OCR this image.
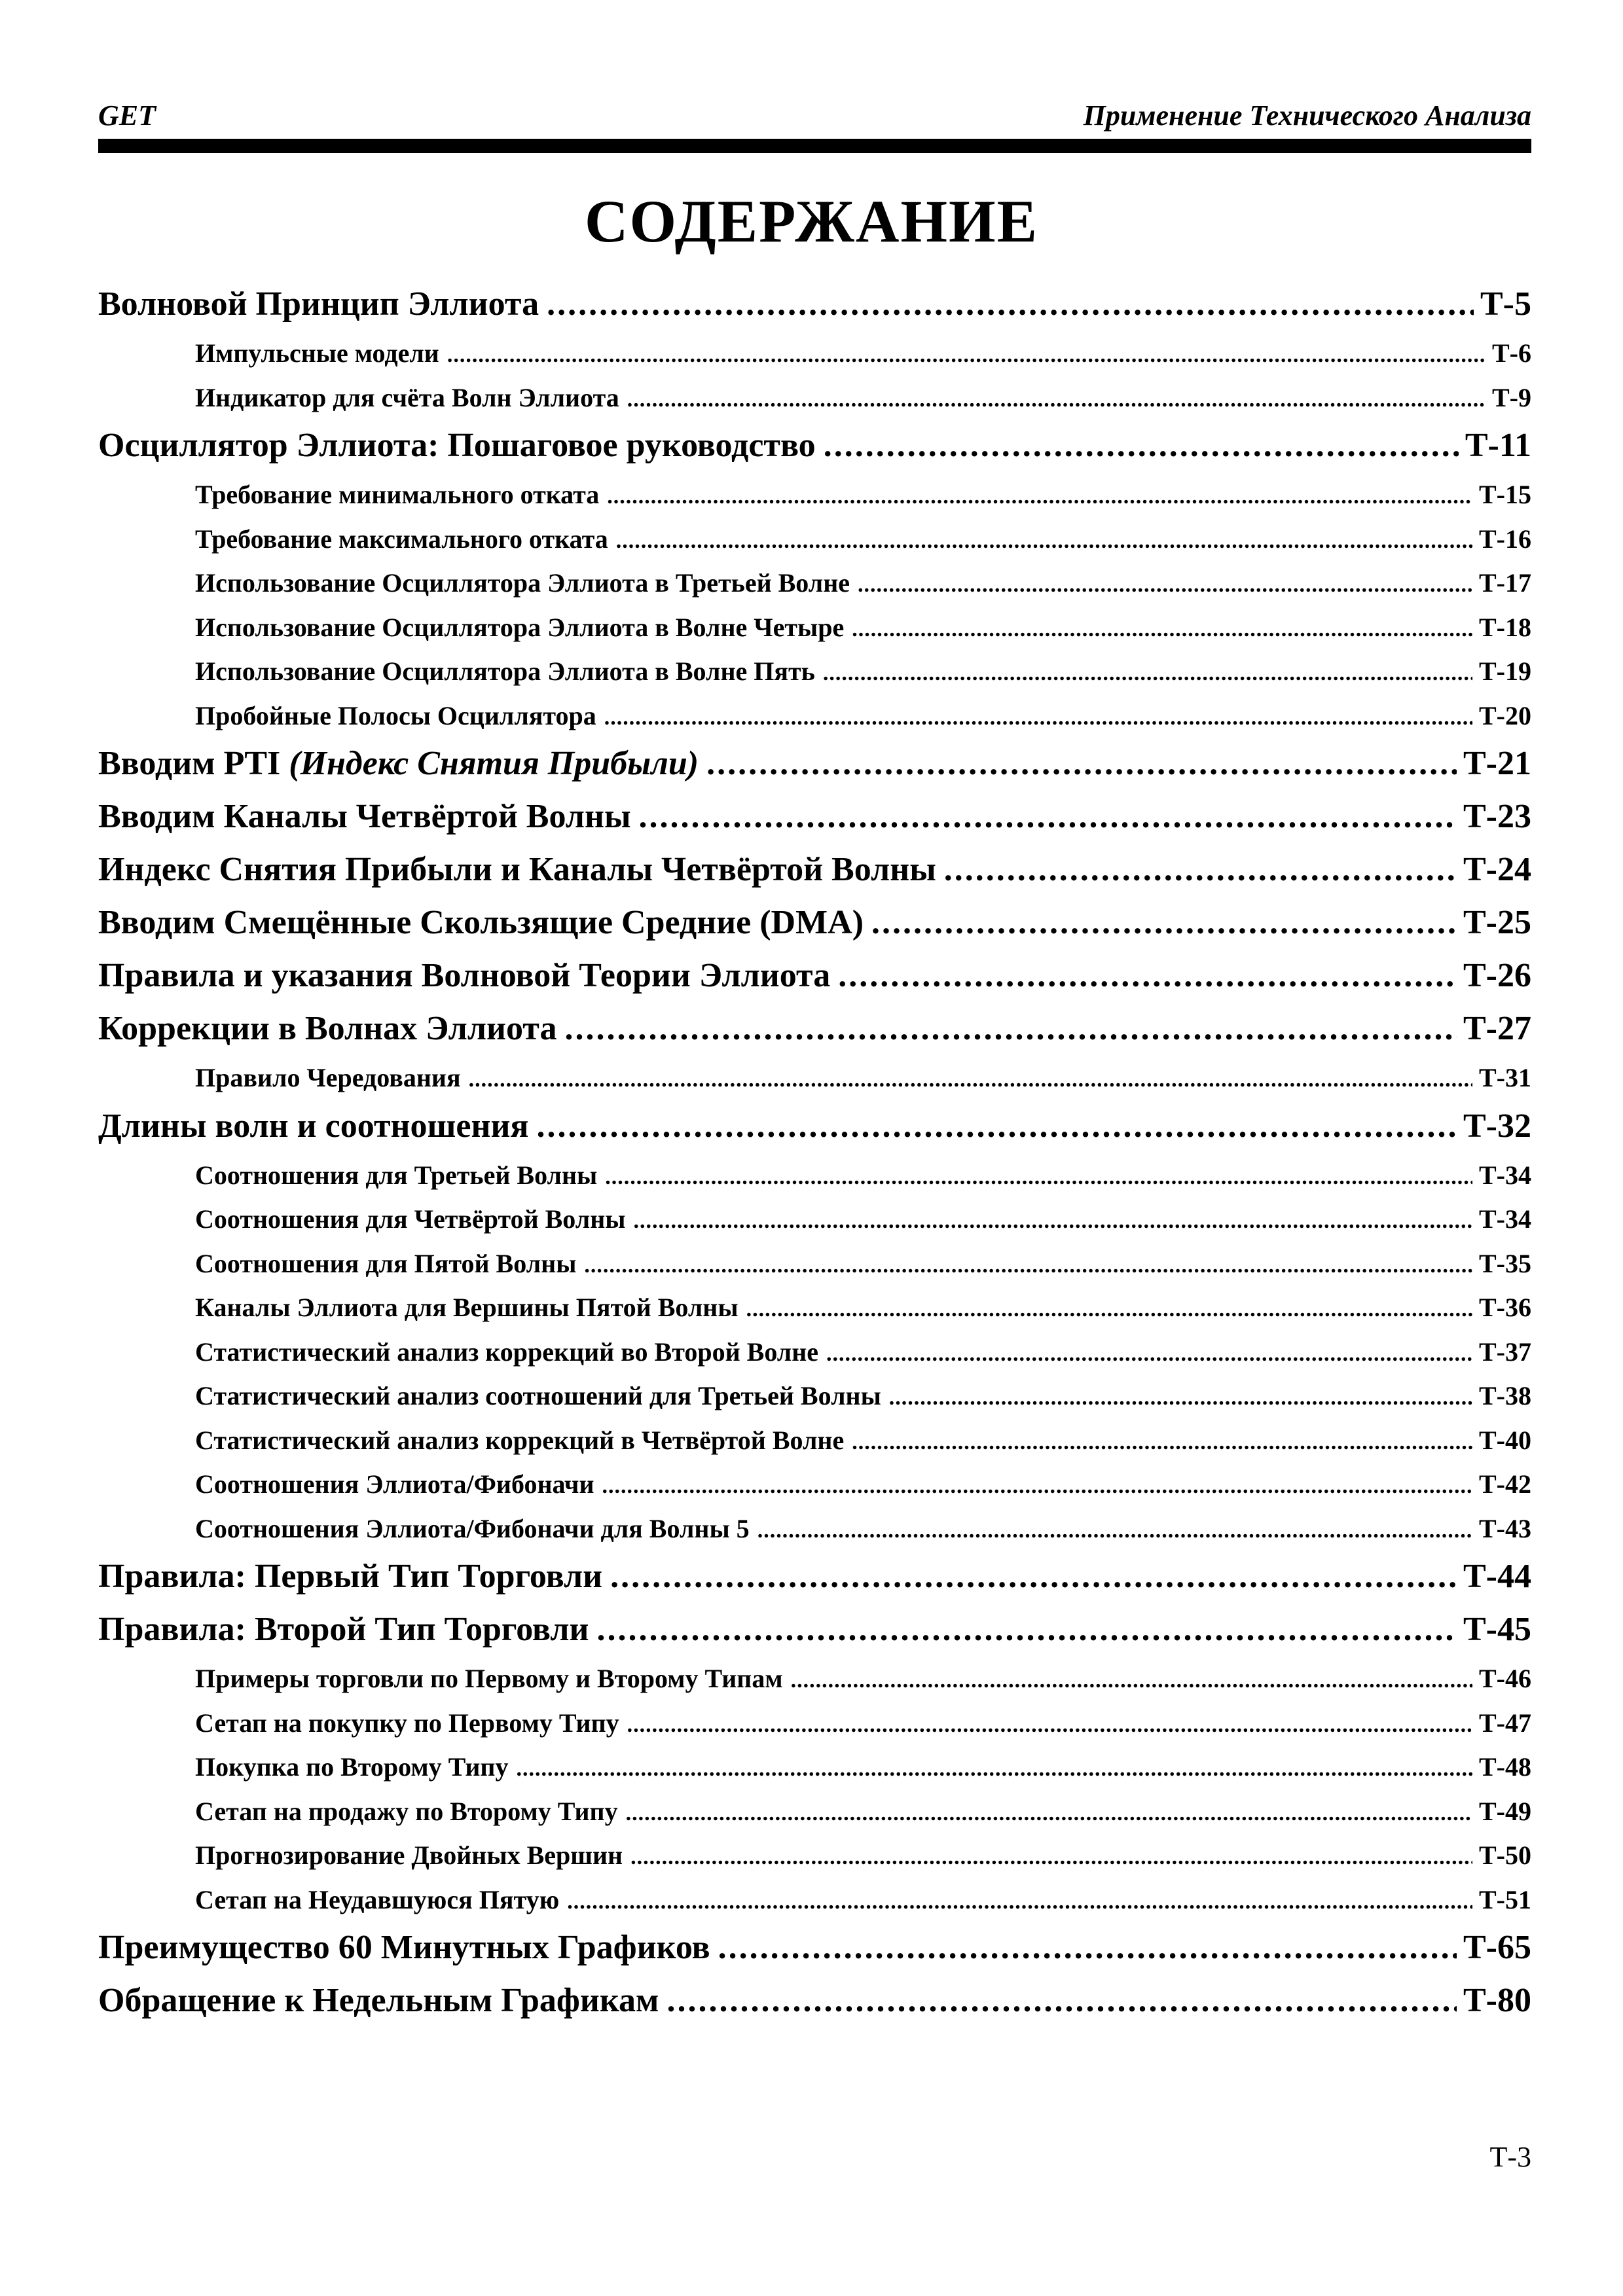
GET	Применение Технического Анализа
СОДЕРЖАНИЕ
Волновой Принцип Эллиота .....	Т-5
Импульсные модели .....	Т-6
Индикатор для счёта Волн Эллиота .....	Т-9
Осциллятор Эллиота: Пошаговое руководство .....	Т-11
Требование минимального отката .....	Т-15
Требование максимального отката .....	Т-16
Использование Осциллятора Эллиота в Третьей Волне .....	Т-17
Использование Осциллятора Эллиота в Волне Четыре .....	Т-18
Использование Осциллятора Эллиота в Волне Пять .....	Т-19
Пробойные Полосы Осциллятора .....	Т-20
Вводим PTI (Индекс Снятия Прибыли) .....	Т-21
Вводим Каналы Четвёртой Волны .....	Т-23
Индекс Снятия Прибыли и Каналы Четвёртой Волны .....	Т-24
Вводим Смещённые Скользящие Средние (DMA) .....	Т-25
Правила и указания Волновой Теории Эллиота .....	Т-26
Коррекции в Волнах Эллиота .....	Т-27
Правило Чередования .....	Т-31
Длины волн и соотношения .....	Т-32
Соотношения для Третьей Волны .....	Т-34
Соотношения для Четвёртой Волны .....	Т-34
Соотношения для Пятой Волны .....	Т-35
Каналы Эллиота для Вершины Пятой Волны .....	Т-36
Статистический анализ коррекций во Второй Волне .....	Т-37
Статистический анализ соотношений для Третьей Волны .....	Т-38
Статистический анализ коррекций в Четвёртой Волне .....	Т-40
Соотношения Эллиота/Фибоначи .....	Т-42
Соотношения Эллиота/Фибоначи для Волны 5 .....	Т-43
Правила: Первый Тип Торговли .....	Т-44
Правила: Второй Тип Торговли .....	Т-45
Примеры торговли по Первому и Второму Типам .....	Т-46
Сетап на покупку по Первому Типу .....	Т-47
Покупка по Второму Типу .....	Т-48
Сетап на продажу по Второму Типу .....	Т-49
Прогнозирование Двойных Вершин .....	Т-50
Сетап на Неудавшуюся Пятую .....	Т-51
Преимущество 60 Минутных Графиков .....	Т-65
Обращение к Недельным Графикам .....	Т-80
Т-3
